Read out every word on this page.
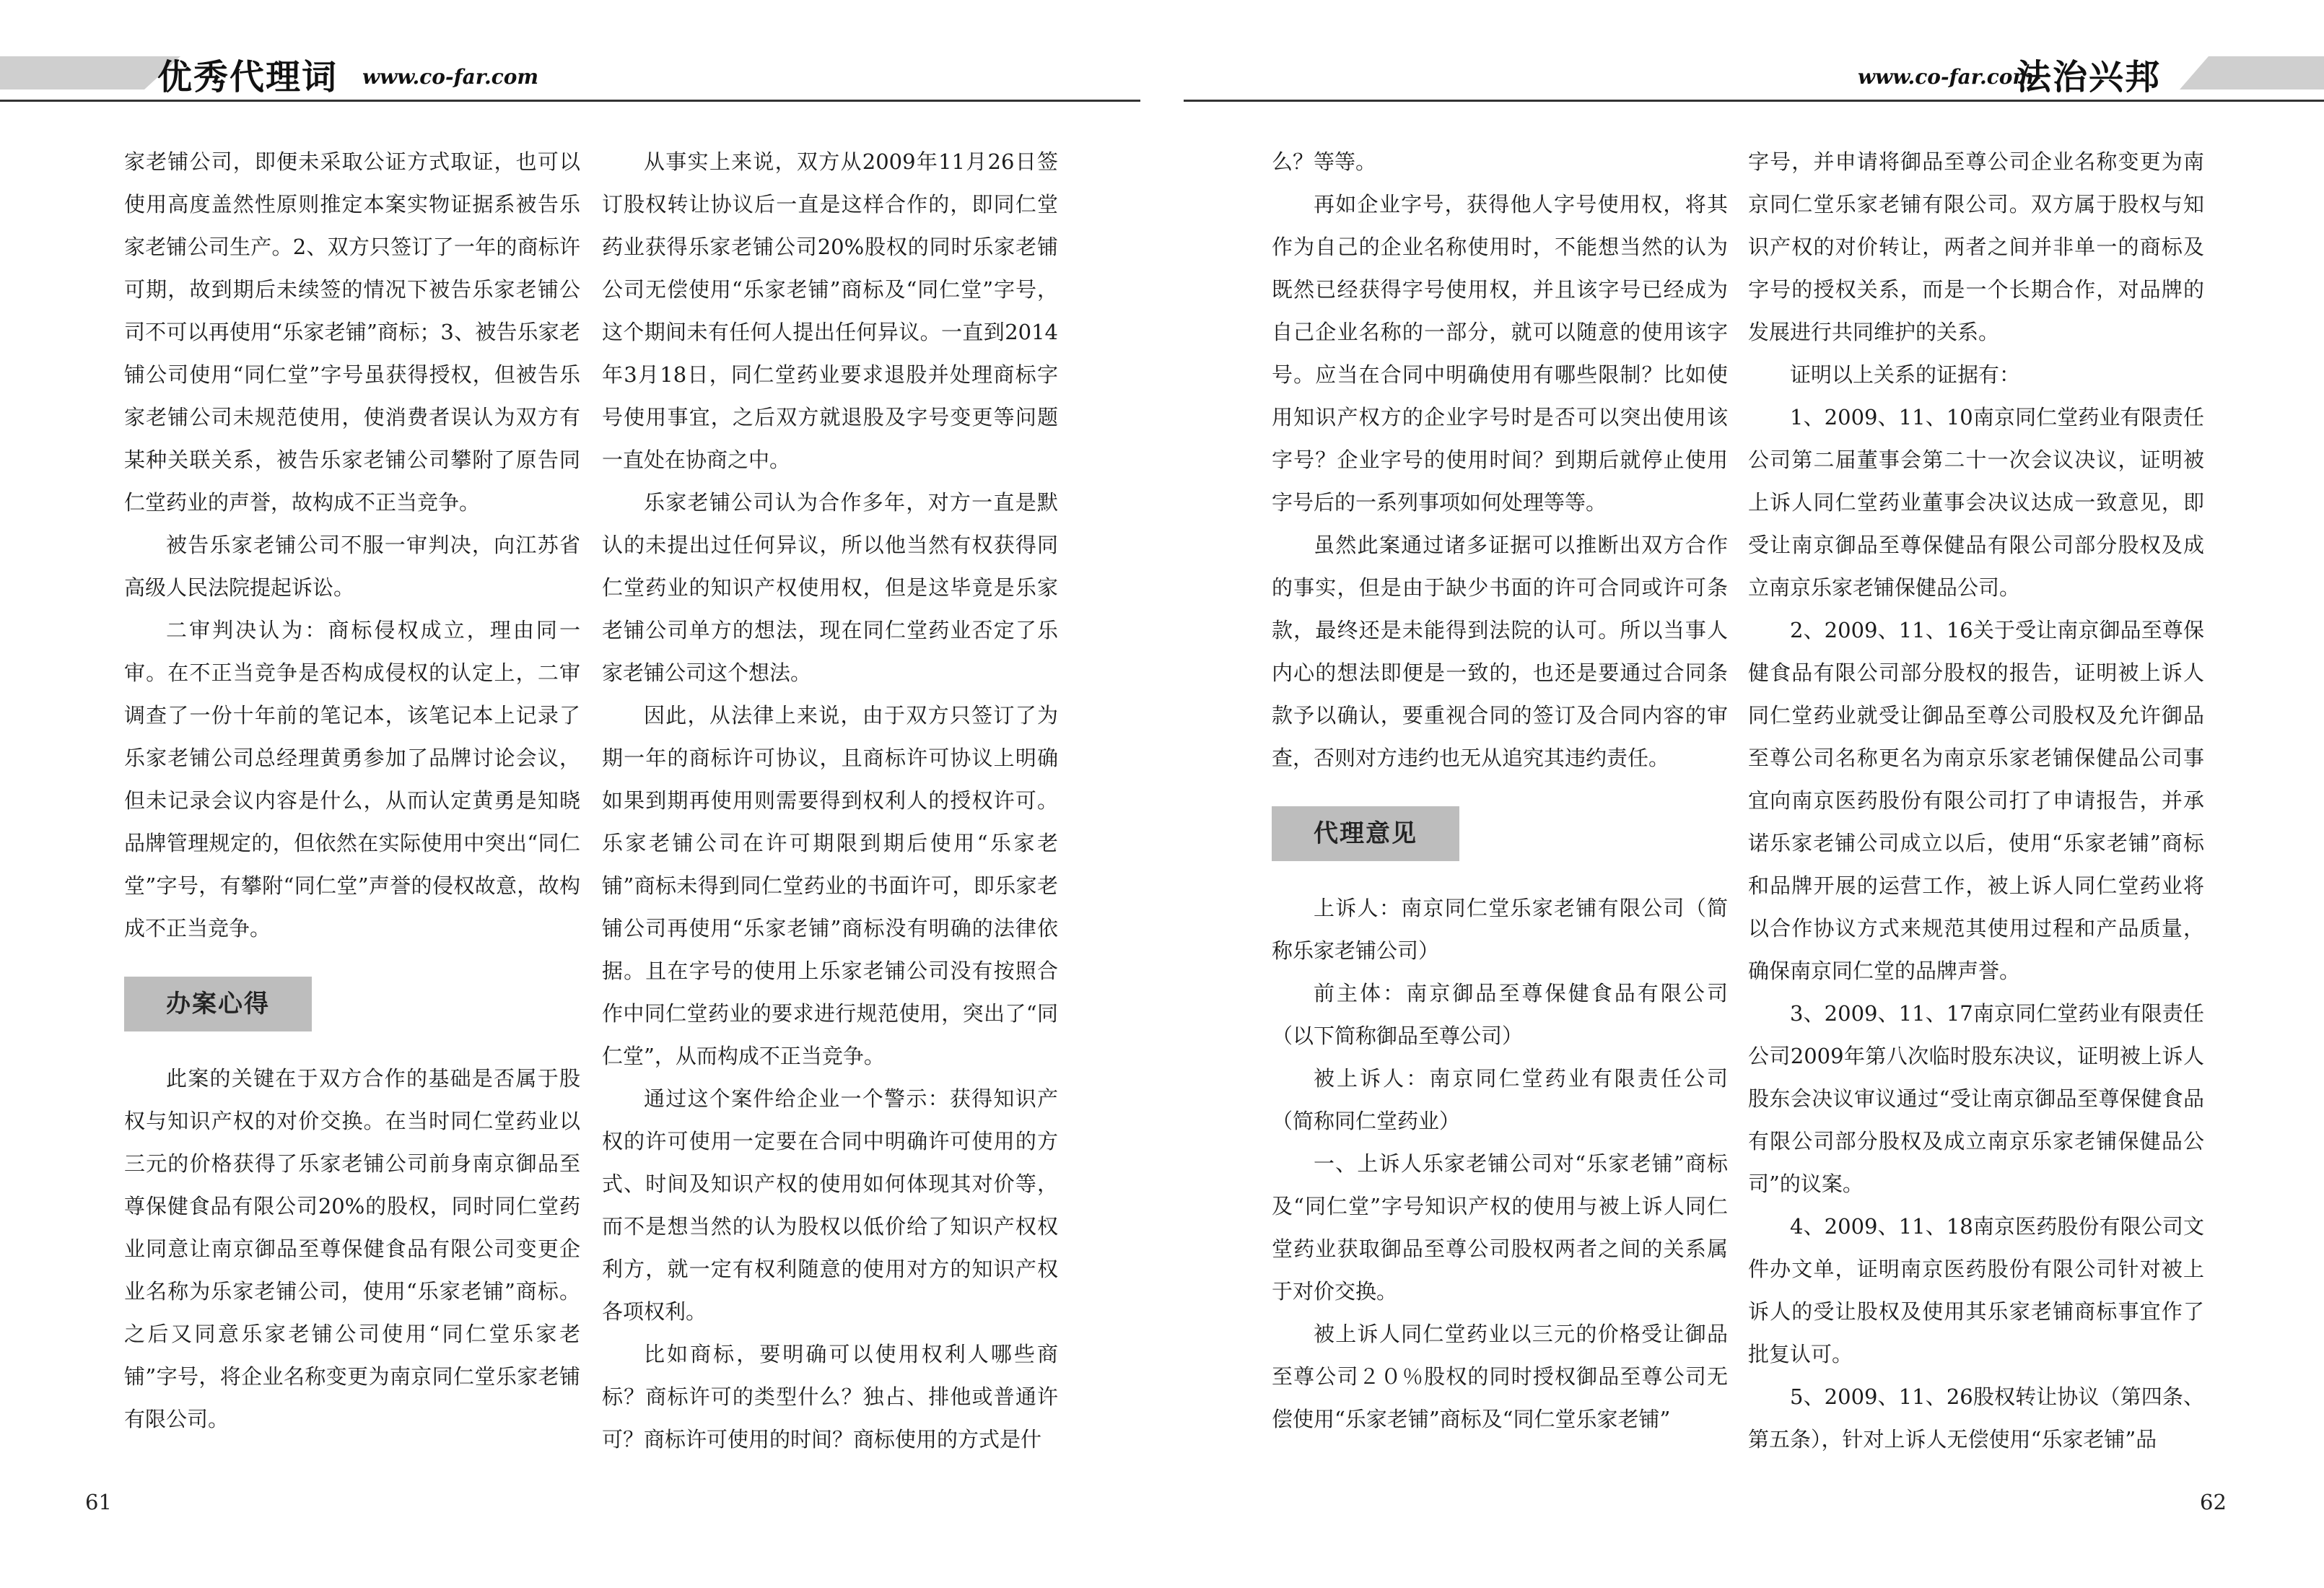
优秀代理词 www.co-far.com	www.co-far.com
法治兴邦

家老铺公司，即便未采取公证方式取证，也可以使用高度盖然性原则推定本案实物证据系被告乐家老铺公司生产。2、双方只签订了一年的商标许可期，故到期后未续签的情况下被告乐家老铺公司不可以再使用“乐家老铺”商标；3、被告乐家老铺公司使用“同仁堂”字号虽获得授权，但被告乐家老铺公司未规范使用，使消费者误认为双方有某种关联关系，被告乐家老铺公司攀附了原告同仁堂药业的声誉，故构成不正当竞争。

被告乐家老铺公司不服一审判决，向江苏省高级人民法院提起诉讼。

二审判决认为：商标侵权成立，理由同一审。在不正当竞争是否构成侵权的认定上，二审调查了一份十年前的笔记本，该笔记本上记录了乐家老铺公司总经理黄勇参加了品牌讨论会议，但未记录会议内容是什么，从而认定黄勇是知晓品牌管理规定的，但依然在实际使用中突出“同仁堂”字号，有攀附“同仁堂”声誉的侵权故意，故构成不正当竞争。

办案心得

此案的关键在于双方合作的基础是否属于股权与知识产权的对价交换。在当时同仁堂药业以三元的价格获得了乐家老铺公司前身南京御品至尊保健食品有限公司20%的股权，同时同仁堂药业同意让南京御品至尊保健食品有限公司变更企业名称为乐家老铺公司，使用“乐家老铺”商标。之后又同意乐家老铺公司使用“同仁堂乐家老铺”字号，将企业名称变更为南京同仁堂乐家老铺有限公司。

从事实上来说，双方从2009年11月26日签订股权转让协议后一直是这样合作的，即同仁堂药业获得乐家老铺公司20%股权的同时乐家老铺公司无偿使用“乐家老铺”商标及“同仁堂”字号，这个期间未有任何人提出任何异议。一直到2014年3月18日，同仁堂药业要求退股并处理商标字号使用事宜，之后双方就退股及字号变更等问题一直处在协商之中。

乐家老铺公司认为合作多年，对方一直是默认的未提出过任何异议，所以他当然有权获得同仁堂药业的知识产权使用权，但是这毕竟是乐家老铺公司单方的想法，现在同仁堂药业否定了乐家老铺公司这个想法。

因此，从法律上来说，由于双方只签订了为期一年的商标许可协议，且商标许可协议上明确如果到期再使用则需要得到权利人的授权许可。乐家老铺公司在许可期限到期后使用“乐家老铺”商标未得到同仁堂药业的书面许可，即乐家老铺公司再使用“乐家老铺”商标没有明确的法律依据。且在字号的使用上乐家老铺公司没有按照合作中同仁堂药业的要求进行规范使用，突出了“同仁堂”，从而构成不正当竞争。

通过这个案件给企业一个警示：获得知识产权的许可使用一定要在合同中明确许可使用的方式、时间及知识产权的使用如何体现其对价等，而不是想当然的认为股权以低价给了知识产权权利方，就一定有权利随意的使用对方的知识产权各项权利。

比如商标，要明确可以使用权利人哪些商标？商标许可的类型什么？独占、排他或普通许可？商标许可使用的时间？商标使用的方式是什

么？等等。

再如企业字号，获得他人字号使用权，将其作为自己的企业名称使用时，不能想当然的认为既然已经获得字号使用权，并且该字号已经成为自己企业名称的一部分，就可以随意的使用该字号。应当在合同中明确使用有哪些限制？比如使用知识产权方的企业字号时是否可以突出使用该字号？企业字号的使用时间？到期后就停止使用字号后的一系列事项如何处理等等。

虽然此案通过诸多证据可以推断出双方合作的事实，但是由于缺少书面的许可合同或许可条款，最终还是未能得到法院的认可。所以当事人内心的想法即便是一致的，也还是要通过合同条款予以确认，要重视合同的签订及合同内容的审查，否则对方违约也无从追究其违约责任。

代理意见

上诉人：南京同仁堂乐家老铺有限公司（简称乐家老铺公司）

前主体：南京御品至尊保健食品有限公司（以下简称御品至尊公司）

被上诉人：南京同仁堂药业有限责任公司（简称同仁堂药业）

一、上诉人乐家老铺公司对“乐家老铺”商标及“同仁堂”字号知识产权的使用与被上诉人同仁堂药业获取御品至尊公司股权两者之间的关系属于对价交换。

被上诉人同仁堂药业以三元的价格受让御品至尊公司２０％股权的同时授权御品至尊公司无偿使用“乐家老铺”商标及“同仁堂乐家老铺”

字号，并申请将御品至尊公司企业名称变更为南京同仁堂乐家老铺有限公司。双方属于股权与知识产权的对价转让，两者之间并非单一的商标及字号的授权关系，而是一个长期合作，对品牌的发展进行共同维护的关系。

证明以上关系的证据有：

1、2009、11、10南京同仁堂药业有限责任公司第二届董事会第二十一次会议决议，证明被上诉人同仁堂药业董事会决议达成一致意见，即受让南京御品至尊保健品有限公司部分股权及成立南京乐家老铺保健品公司。

2、2009、11、16关于受让南京御品至尊保健食品有限公司部分股权的报告，证明被上诉人同仁堂药业就受让御品至尊公司股权及允许御品至尊公司名称更名为南京乐家老铺保健品公司事宜向南京医药股份有限公司打了申请报告，并承诺乐家老铺公司成立以后，使用“乐家老铺”商标和品牌开展的运营工作，被上诉人同仁堂药业将以合作协议方式来规范其使用过程和产品质量，确保南京同仁堂的品牌声誉。

3、2009、11、17南京同仁堂药业有限责任公司2009年第八次临时股东决议，证明被上诉人股东会决议审议通过“受让南京御品至尊保健食品有限公司部分股权及成立南京乐家老铺保健品公司”的议案。

4、2009、11、18南京医药股份有限公司文件办文单，证明南京医药股份有限公司针对被上诉人的受让股权及使用其乐家老铺商标事宜作了批复认可。

5、2009、11、26股权转让协议（第四条、第五条），针对上诉人无偿使用“乐家老铺”品

61	62
